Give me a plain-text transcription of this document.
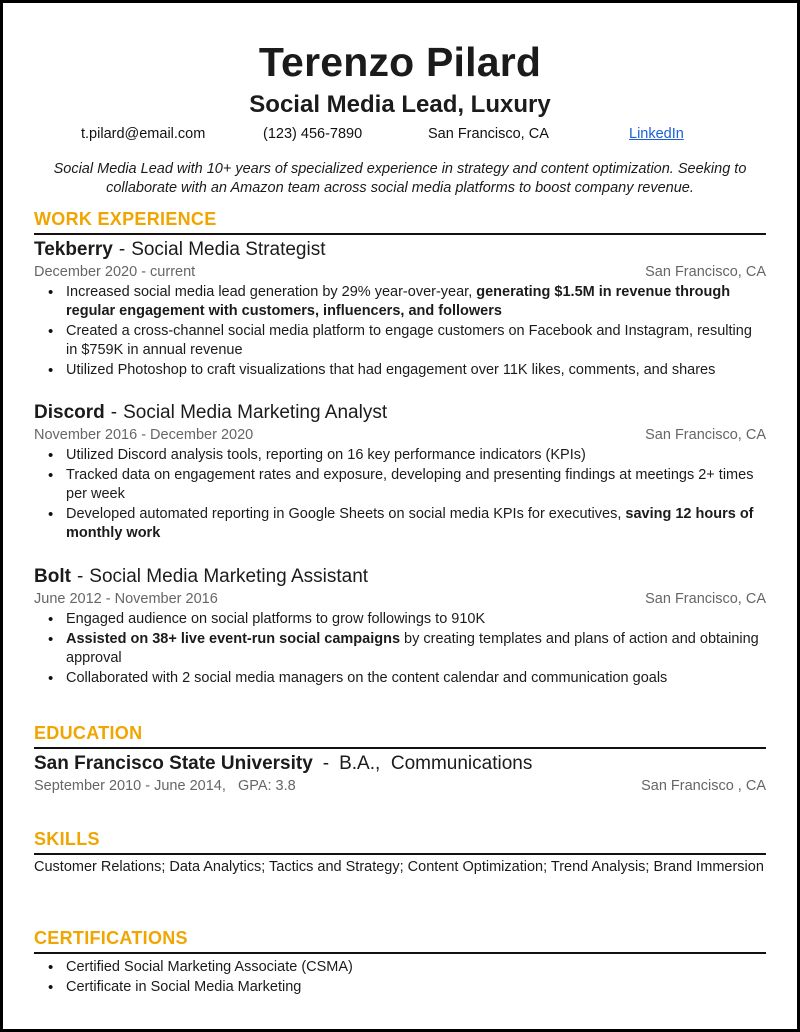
Terenzo Pilard
Social Media Lead, Luxury
t.pilard@email.com	(123) 456-7890	San Francisco, CA	LinkedIn
Social Media Lead with 10+ years of specialized experience in strategy and content optimization. Seeking to collaborate with an Amazon team across social media platforms to boost company revenue.
WORK EXPERIENCE
Tekberry - Social Media Strategist
December 2020 - current	San Francisco, CA
• Increased social media lead generation by 29% year-over-year, generating $1.5M in revenue through regular engagement with customers, influencers, and followers
• Created a cross-channel social media platform to engage customers on Facebook and Instagram, resulting in $759K in annual revenue
• Utilized Photoshop to craft visualizations that had engagement over 11K likes, comments, and shares
Discord - Social Media Marketing Analyst
November 2016 - December 2020	San Francisco, CA
• Utilized Discord analysis tools, reporting on 16 key performance indicators (KPIs)
• Tracked data on engagement rates and exposure, developing and presenting findings at meetings 2+ times per week
• Developed automated reporting in Google Sheets on social media KPIs for executives, saving 12 hours of monthly work
Bolt - Social Media Marketing Assistant
June 2012 - November 2016	San Francisco, CA
• Engaged audience on social platforms to grow followings to 910K
• Assisted on 38+ live event-run social campaigns by creating templates and plans of action and obtaining approval
• Collaborated with 2 social media managers on the content calendar and communication goals
EDUCATION
San Francisco State University - B.A.,  Communications
September 2010 - June 2014,   GPA: 3.8	San Francisco , CA
SKILLS
Customer Relations; Data Analytics; Tactics and Strategy; Content Optimization; Trend Analysis; Brand Immersion
CERTIFICATIONS
• Certified Social Marketing Associate (CSMA)
• Certificate in Social Media Marketing
